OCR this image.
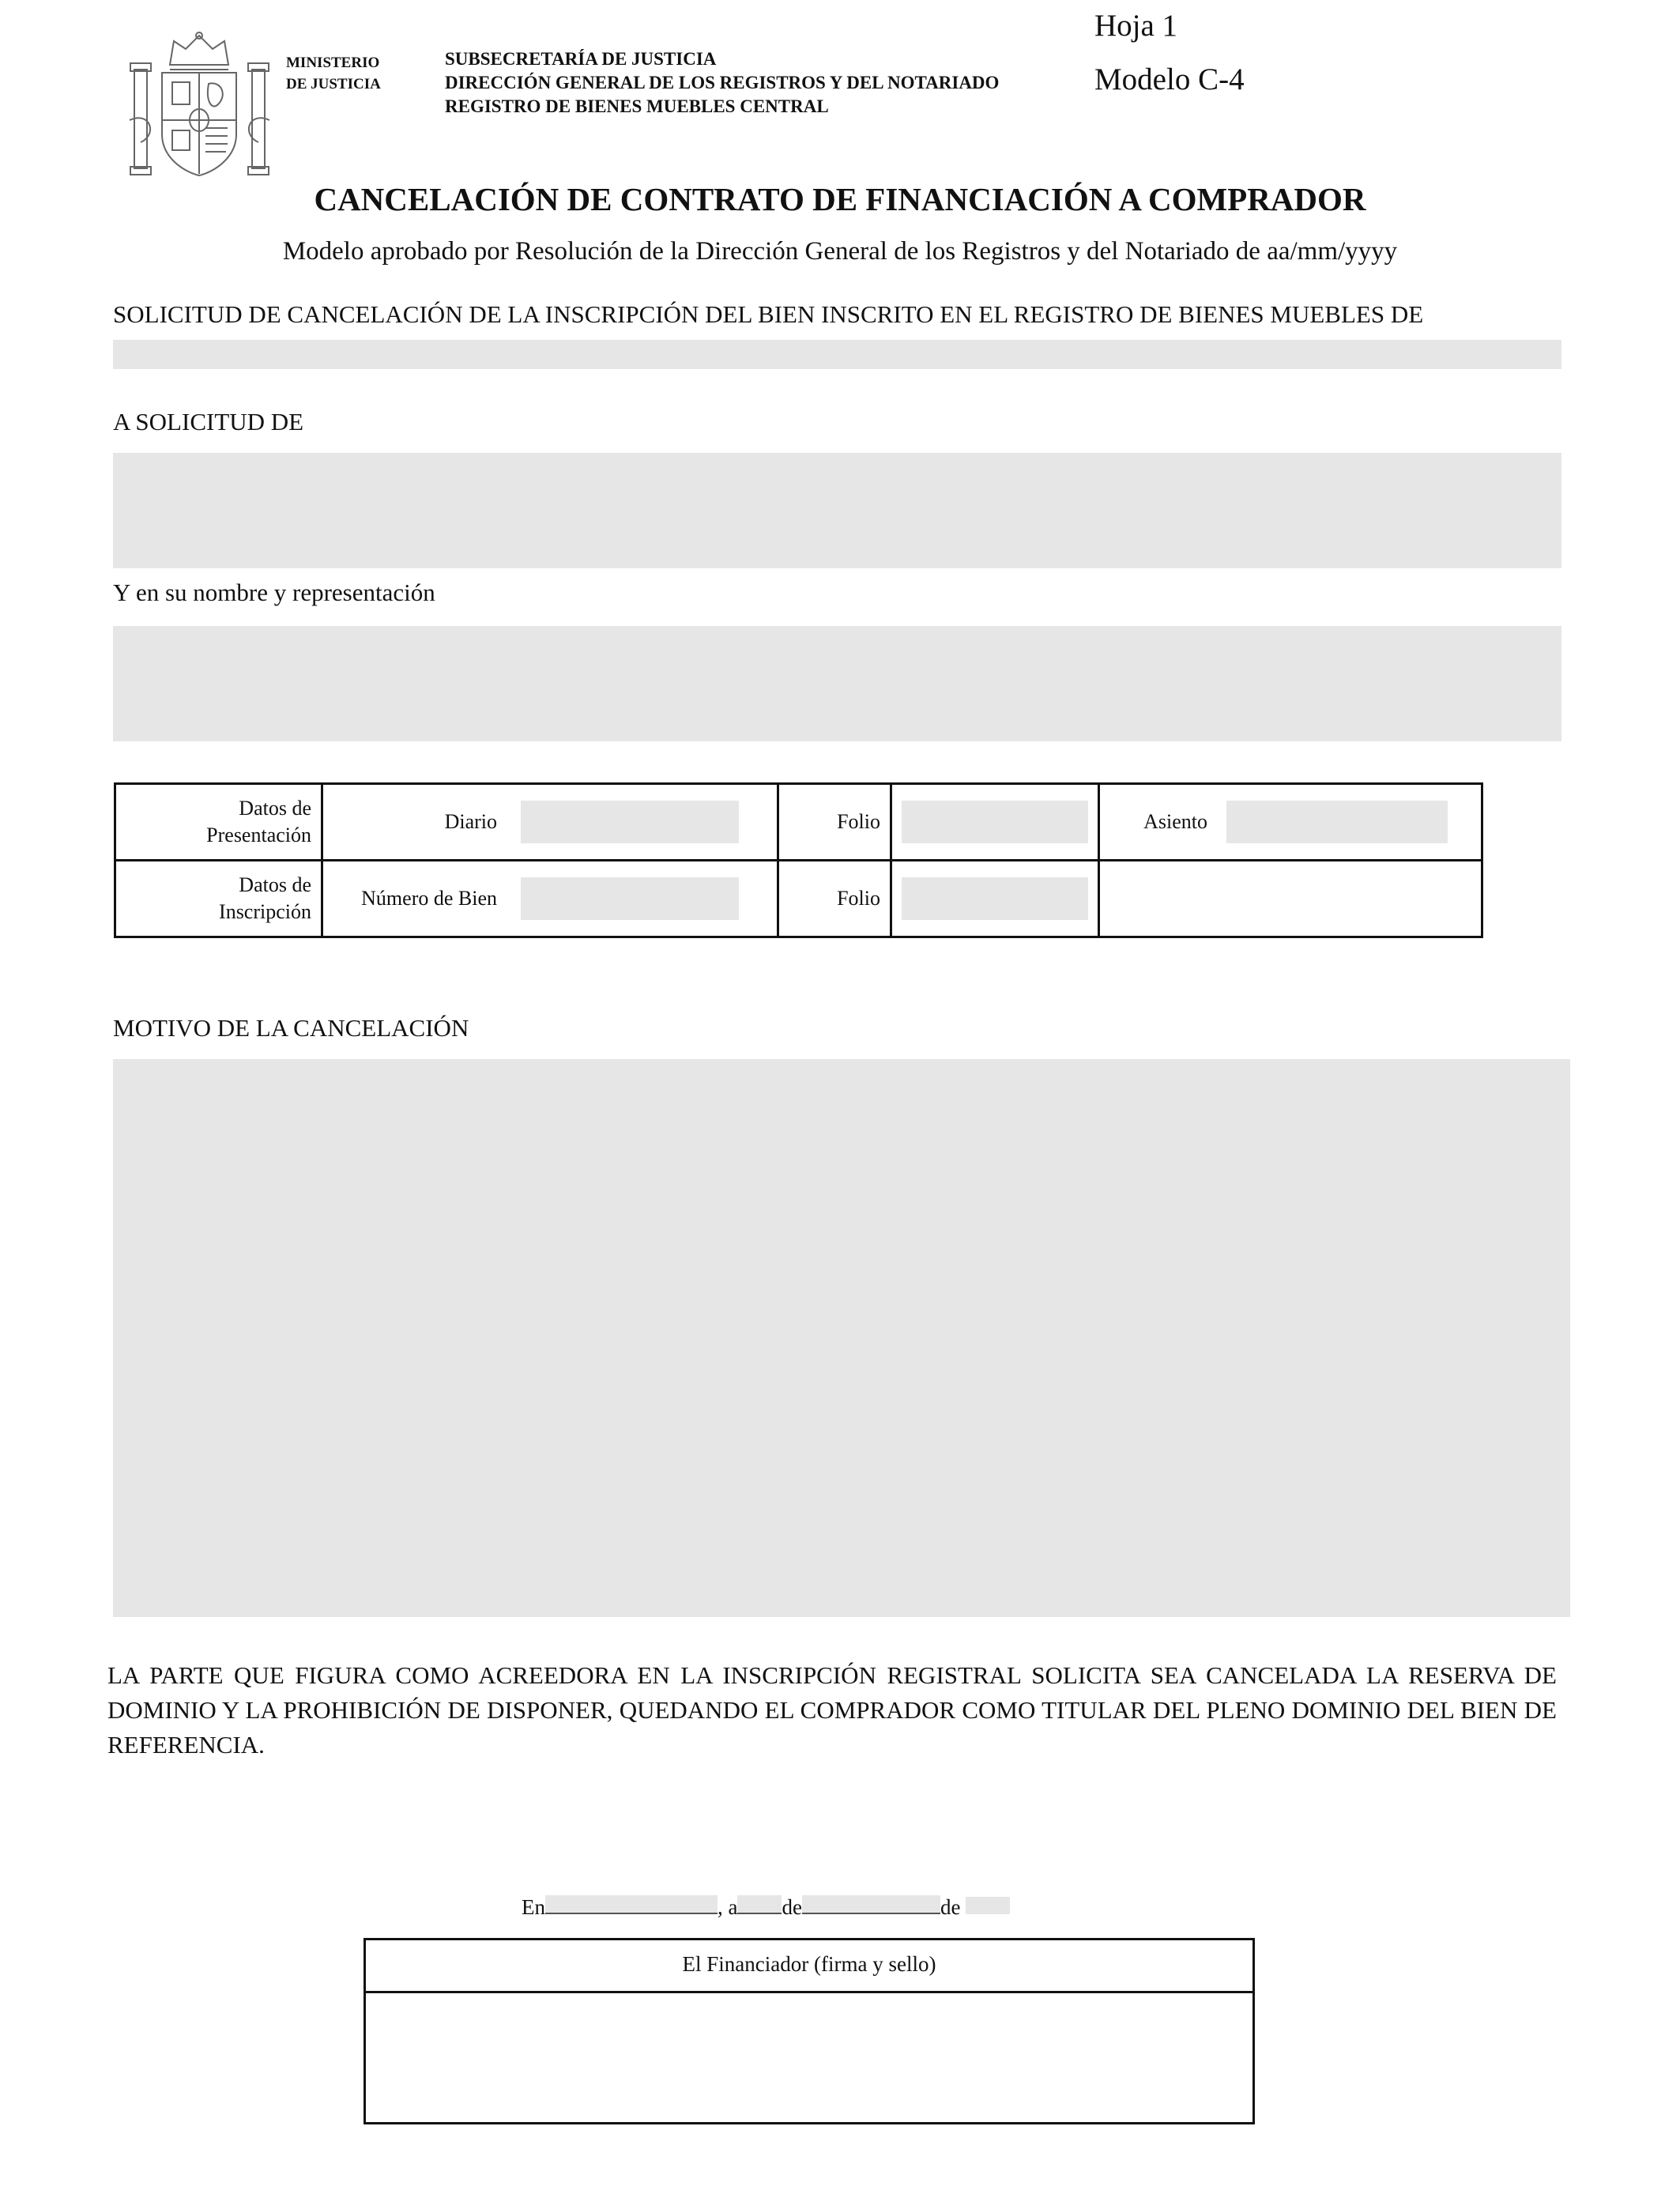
MINISTERIO
DE JUSTICIA
SUBSECRETARÍA DE JUSTICIA
DIRECCIÓN GENERAL DE LOS REGISTROS Y DEL NOTARIADO
REGISTRO DE BIENES MUEBLES CENTRAL
Hoja 1
Modelo C-4
CANCELACIÓN DE CONTRATO DE FINANCIACIÓN A COMPRADOR
Modelo aprobado por Resolución de la Dirección General de los Registros y del Notariado de aa/mm/yyyy
SOLICITUD DE CANCELACIÓN DE LA INSCRIPCIÓN DEL BIEN INSCRITO EN EL REGISTRO DE BIENES MUEBLES DE
A SOLICITUD DE
Y en su nombre y representación
Datos de
Presentación	Diario	Folio		Asiento

Datos de
Inscripción	Número de Bien	Folio	

MOTIVO DE LA CANCELACIÓN
LA PARTE QUE FIGURA COMO ACREEDORA EN LA INSCRIPCIÓN REGISTRAL SOLICITA SEA CANCELADA LA RESERVA DE DOMINIO Y LA PROHIBICIÓN DE DISPONER, QUEDANDO EL COMPRADOR COMO TITULAR DEL PLENO DOMINIO DEL BIEN DE REFERENCIA.
En	, a de	de
El Financiador (firma y sello)
